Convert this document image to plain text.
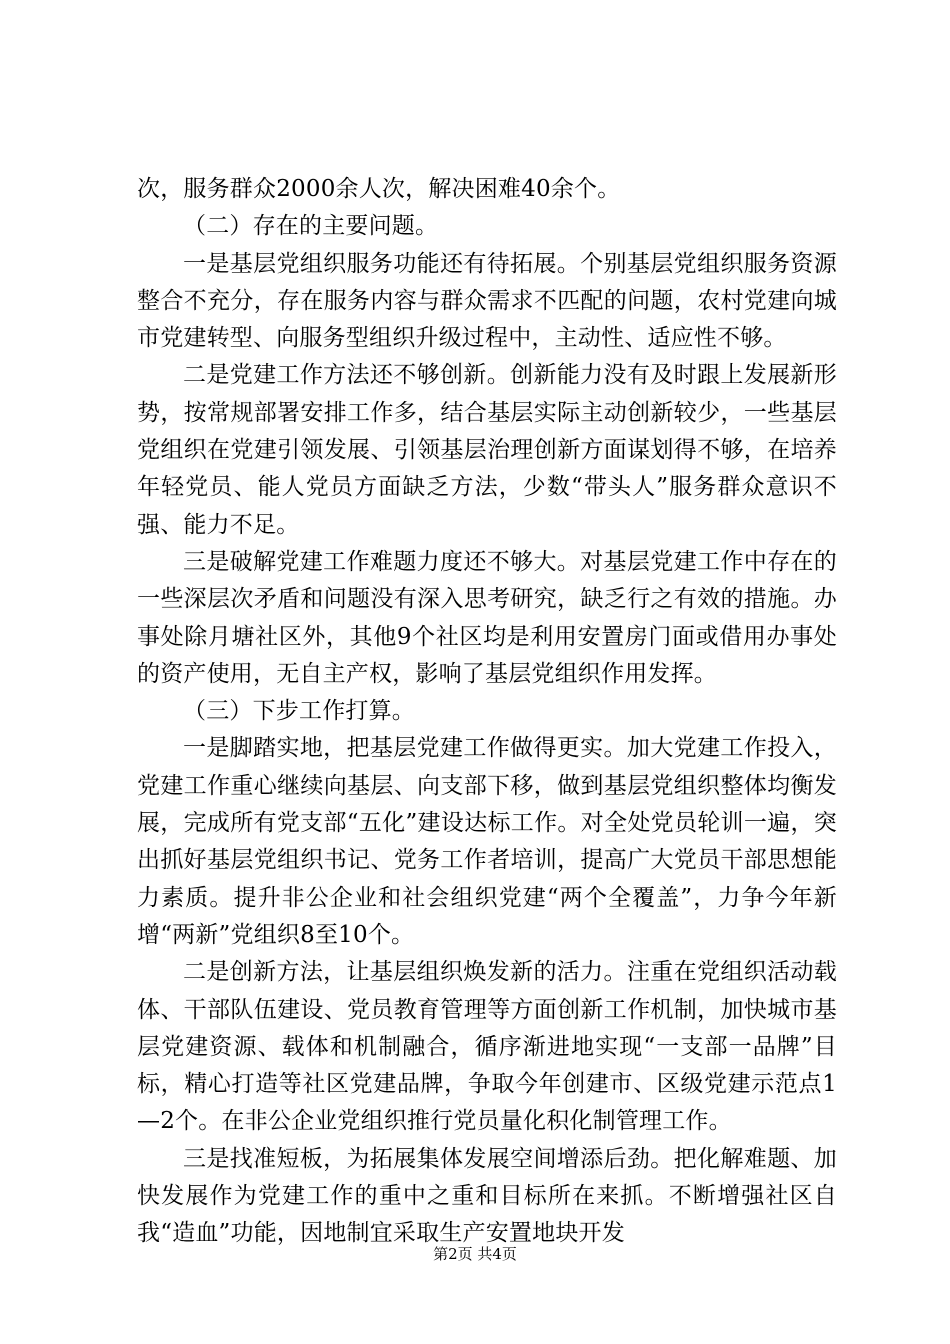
次，服务群众2000余人次，解决困难40余个。

（二）存在的主要问题。

一是基层党组织服务功能还有待拓展。个别基层党组织服务资源整合不充分，存在服务内容与群众需求不匹配的问题，农村党建向城市党建转型、向服务型组织升级过程中，主动性、适应性不够。

二是党建工作方法还不够创新。创新能力没有及时跟上发展新形势，按常规部署安排工作多，结合基层实际主动创新较少，一些基层党组织在党建引领发展、引领基层治理创新方面谋划得不够，在培养年轻党员、能人党员方面缺乏方法，少数“带头人”服务群众意识不强、能力不足。

三是破解党建工作难题力度还不够大。对基层党建工作中存在的一些深层次矛盾和问题没有深入思考研究，缺乏行之有效的措施。办事处除月塘社区外，其他9个社区均是利用安置房门面或借用办事处的资产使用，无自主产权，影响了基层党组织作用发挥。

（三）下步工作打算。

一是脚踏实地，把基层党建工作做得更实。加大党建工作投入，党建工作重心继续向基层、向支部下移，做到基层党组织整体均衡发展，完成所有党支部“五化”建设达标工作。对全处党员轮训一遍，突出抓好基层党组织书记、党务工作者培训，提高广大党员干部思想能力素质。提升非公企业和社会组织党建“两个全覆盖”，力争今年新增“两新”党组织8至10个。

二是创新方法，让基层组织焕发新的活力。注重在党组织活动载体、干部队伍建设、党员教育管理等方面创新工作机制，加快城市基层党建资源、载体和机制融合，循序渐进地实现“一支部一品牌”目标，精心打造等社区党建品牌，争取今年创建市、区级党建示范点1—2个。在非公企业党组织推行党员量化积化制管理工作。

三是找准短板，为拓展集体发展空间增添后劲。把化解难题、加快发展作为党建工作的重中之重和目标所在来抓。不断增强社区自我“造血”功能，因地制宜采取生产安置地块开发

第2页 共4页
